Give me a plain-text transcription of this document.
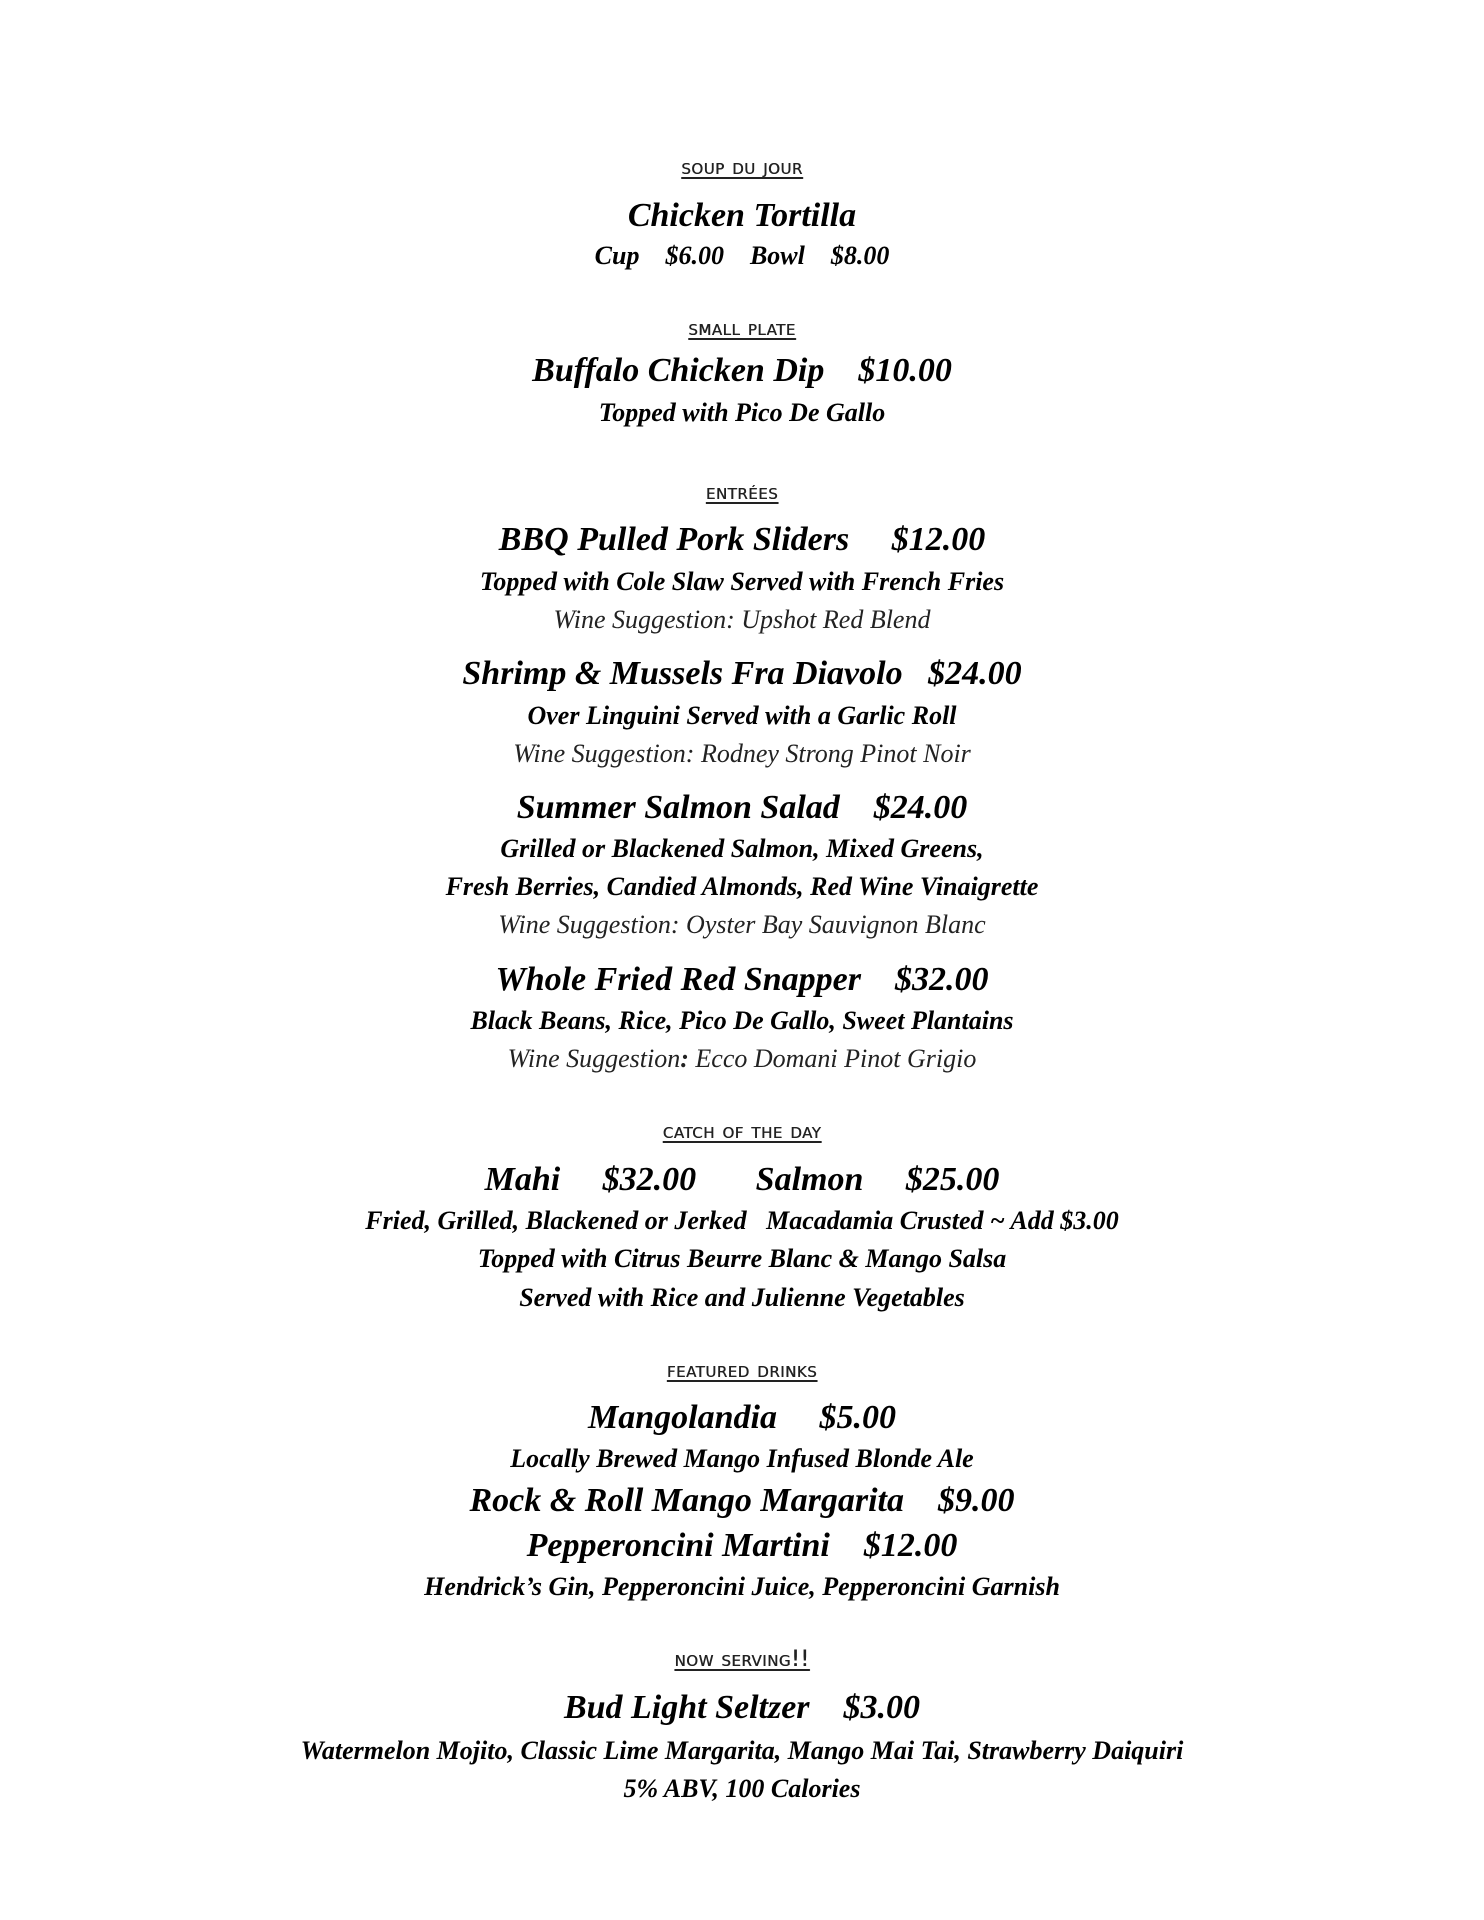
soup du jour
Chicken Tortilla
Cup    $6.00    Bowl    $8.00
small plate
Buffalo Chicken Dip    $10.00
Topped with Pico De Gallo
entrées
BBQ Pulled Pork Sliders     $12.00
Topped with Cole Slaw Served with French Fries
Wine Suggestion: Upshot Red Blend
Shrimp & Mussels Fra Diavolo   $24.00
Over Linguini Served with a Garlic Roll
Wine Suggestion: Rodney Strong Pinot Noir
Summer Salmon Salad    $24.00
Grilled or Blackened Salmon, Mixed Greens,
Fresh Berries, Candied Almonds, Red Wine Vinaigrette
Wine Suggestion: Oyster Bay Sauvignon Blanc
Whole Fried Red Snapper    $32.00
Black Beans, Rice, Pico De Gallo, Sweet Plantains
Wine Suggestion: Ecco Domani Pinot Grigio
catch of the day
Mahi     $32.00       Salmon     $25.00
Fried, Grilled, Blackened or Jerked   Macadamia Crusted ~ Add $3.00
Topped with Citrus Beurre Blanc & Mango Salsa
Served with Rice and Julienne Vegetables
featured drinks
Mangolandia     $5.00
Locally Brewed Mango Infused Blonde Ale
Rock & Roll Mango Margarita    $9.00
Pepperoncini Martini    $12.00
Hendrick’s Gin, Pepperoncini Juice, Pepperoncini Garnish
now serving!!
Bud Light Seltzer    $3.00
Watermelon Mojito, Classic Lime Margarita, Mango Mai Tai, Strawberry Daiquiri
5% ABV, 100 Calories
